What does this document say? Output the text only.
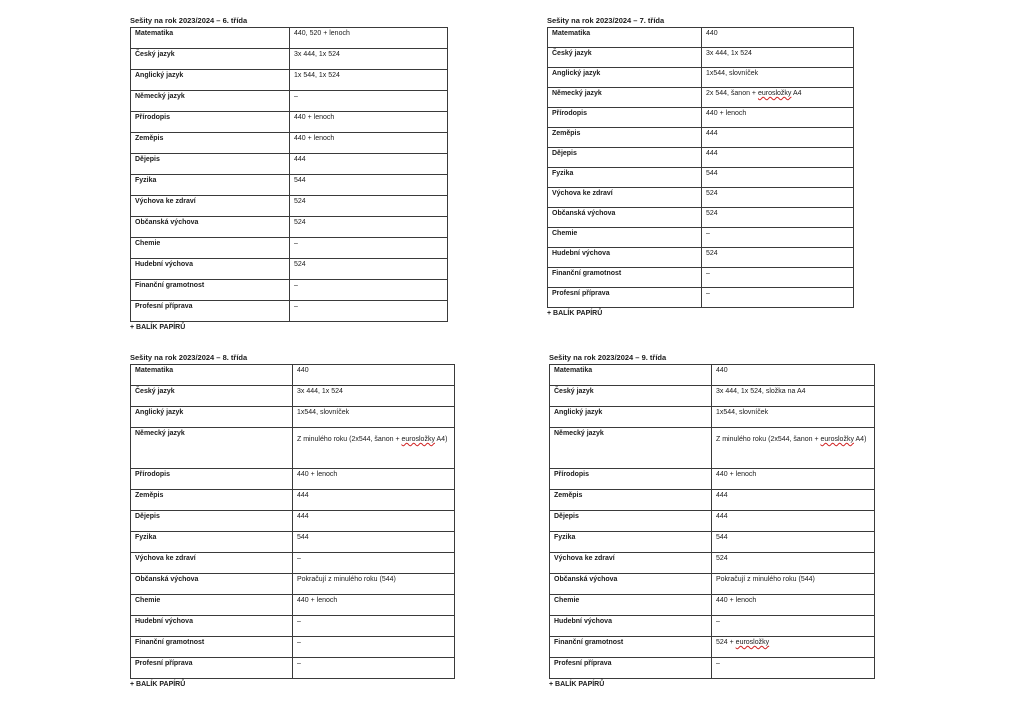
Sešity na rok 2023/2024 – 6. třída
Matematika	440, 520 + lenoch
Český jazyk	3x 444, 1x 524
Anglický jazyk	1x 544, 1x 524
Německý jazyk	–
Přírodopis	440 + lenoch
Zeměpis	440 + lenoch
Dějepis	444
Fyzika	544
Výchova ke zdraví	524
Občanská výchova	524
Chemie	–
Hudební výchova	524
Finanční gramotnost	–
Profesní příprava	–
+ BALÍK PAPÍRŮ
Sešity na rok 2023/2024 – 7. třída
Matematika	440
Český jazyk	3x 444, 1x 524
Anglický jazyk	1x544, slovníček
Německý jazyk	2x 544, šanon + eurosložky A4
Přírodopis	440 + lenoch
Zeměpis	444
Dějepis	444
Fyzika	544
Výchova ke zdraví	524
Občanská výchova	524
Chemie	–
Hudební výchova	524
Finanční gramotnost	–
Profesní příprava	–
+ BALÍK PAPÍRŮ
Sešity na rok 2023/2024 – 8. třída
Matematika	440
Český jazyk	3x 444, 1x 524
Anglický jazyk	1x544, slovníček
Německý jazyk	Z minulého roku (2x544, šanon + eurosložky A4)
Přírodopis	440 + lenoch
Zeměpis	444
Dějepis	444
Fyzika	544
Výchova ke zdraví	–
Občanská výchova	Pokračují z minulého roku (544)
Chemie	440 + lenoch
Hudební výchova	–
Finanční gramotnost	–
Profesní příprava	–
+ BALÍK PAPÍRŮ
Sešity na rok 2023/2024 – 9. třída
Matematika	440
Český jazyk	3x 444, 1x 524, složka na A4
Anglický jazyk	1x544, slovníček
Německý jazyk	Z minulého roku (2x544, šanon + eurosložky A4)
Přírodopis	440 + lenoch
Zeměpis	444
Dějepis	444
Fyzika	544
Výchova ke zdraví	524
Občanská výchova	Pokračují z minulého roku (544)
Chemie	440 + lenoch
Hudební výchova	–
Finanční gramotnost	524 + eurosložky
Profesní příprava	–
+ BALÍK PAPÍRŮ
